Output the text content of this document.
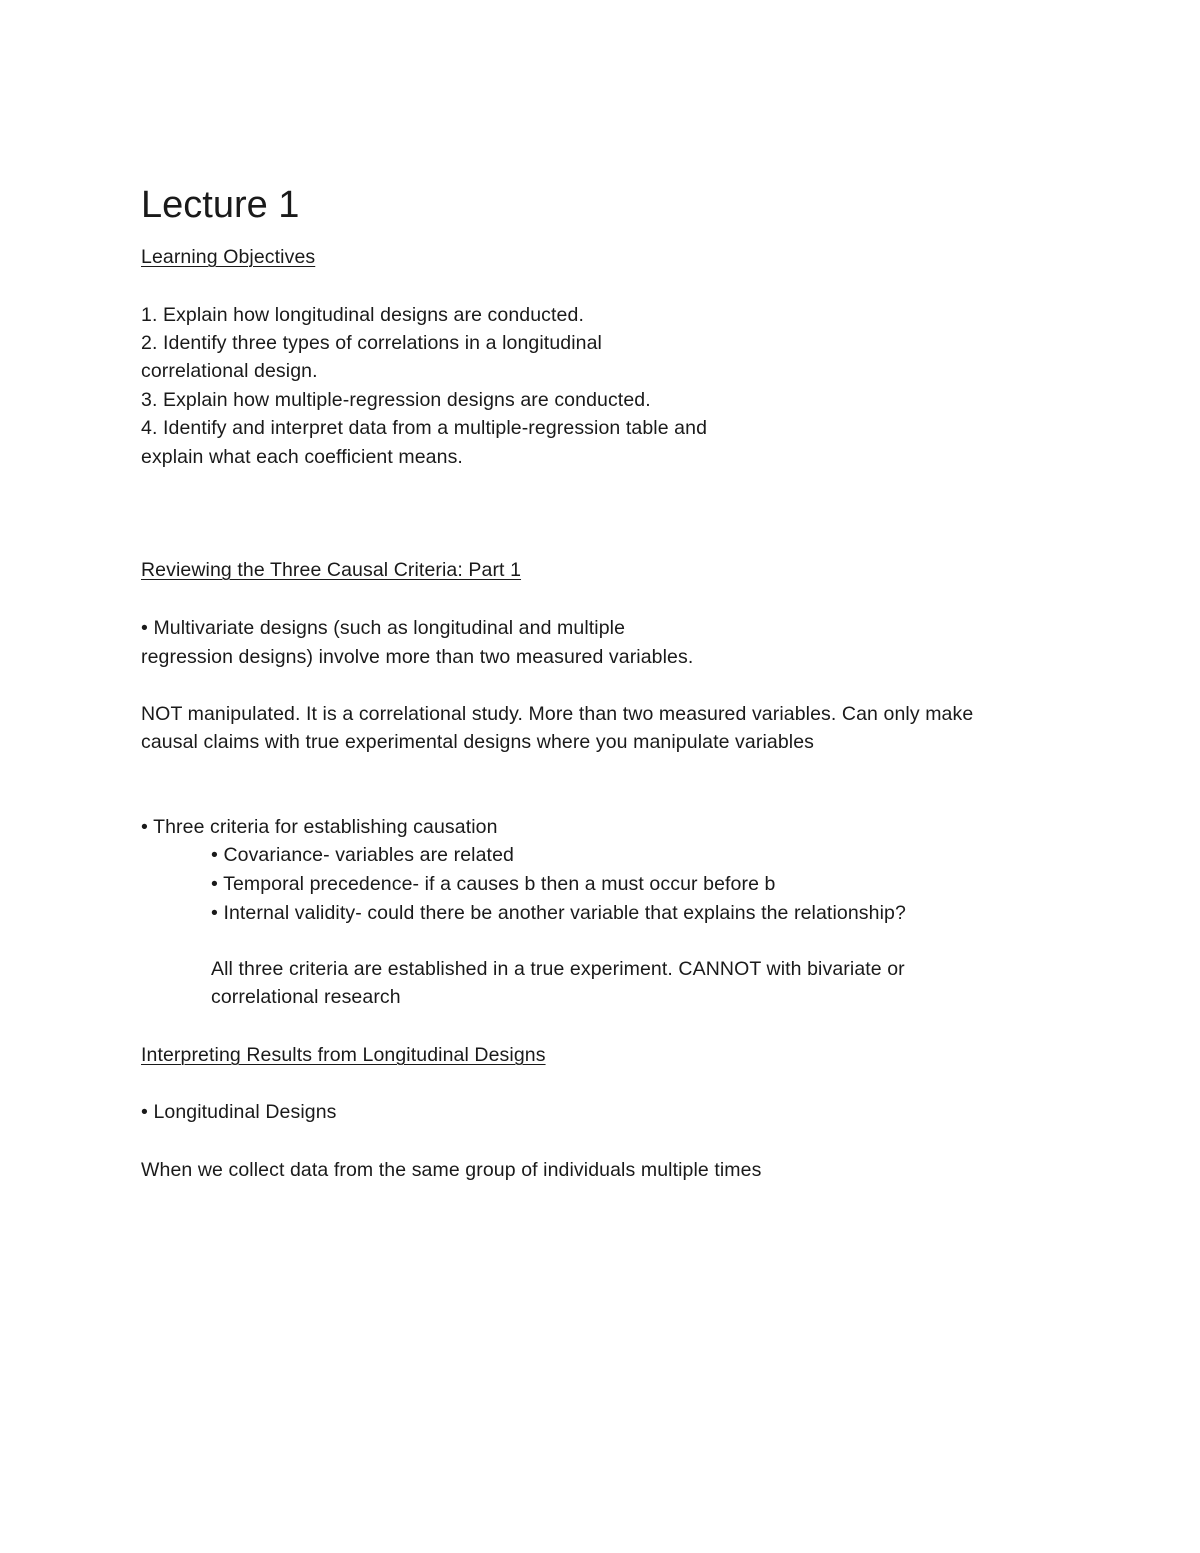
Lecture 1
Learning Objectives
1. Explain how longitudinal designs are conducted.
2. Identify three types of correlations in a longitudinal
correlational design.
3. Explain how multiple-regression designs are conducted.
4. Identify and interpret data from a multiple-regression table and
explain what each coefficient means.
Reviewing the Three Causal Criteria: Part 1
• Multivariate designs (such as longitudinal and multiple
regression designs) involve more than two measured variables.
NOT manipulated. It is a correlational study. More than two measured variables. Can only make
causal claims with true experimental designs where you manipulate variables
• Three criteria for establishing causation
• Covariance- variables are related
• Temporal precedence- if a causes b then a must occur before b
• Internal validity- could there be another variable that explains the relationship?
All three criteria are established in a true experiment. CANNOT with bivariate or
correlational research
Interpreting Results from Longitudinal Designs
• Longitudinal Designs
When we collect data from the same group of individuals multiple times
